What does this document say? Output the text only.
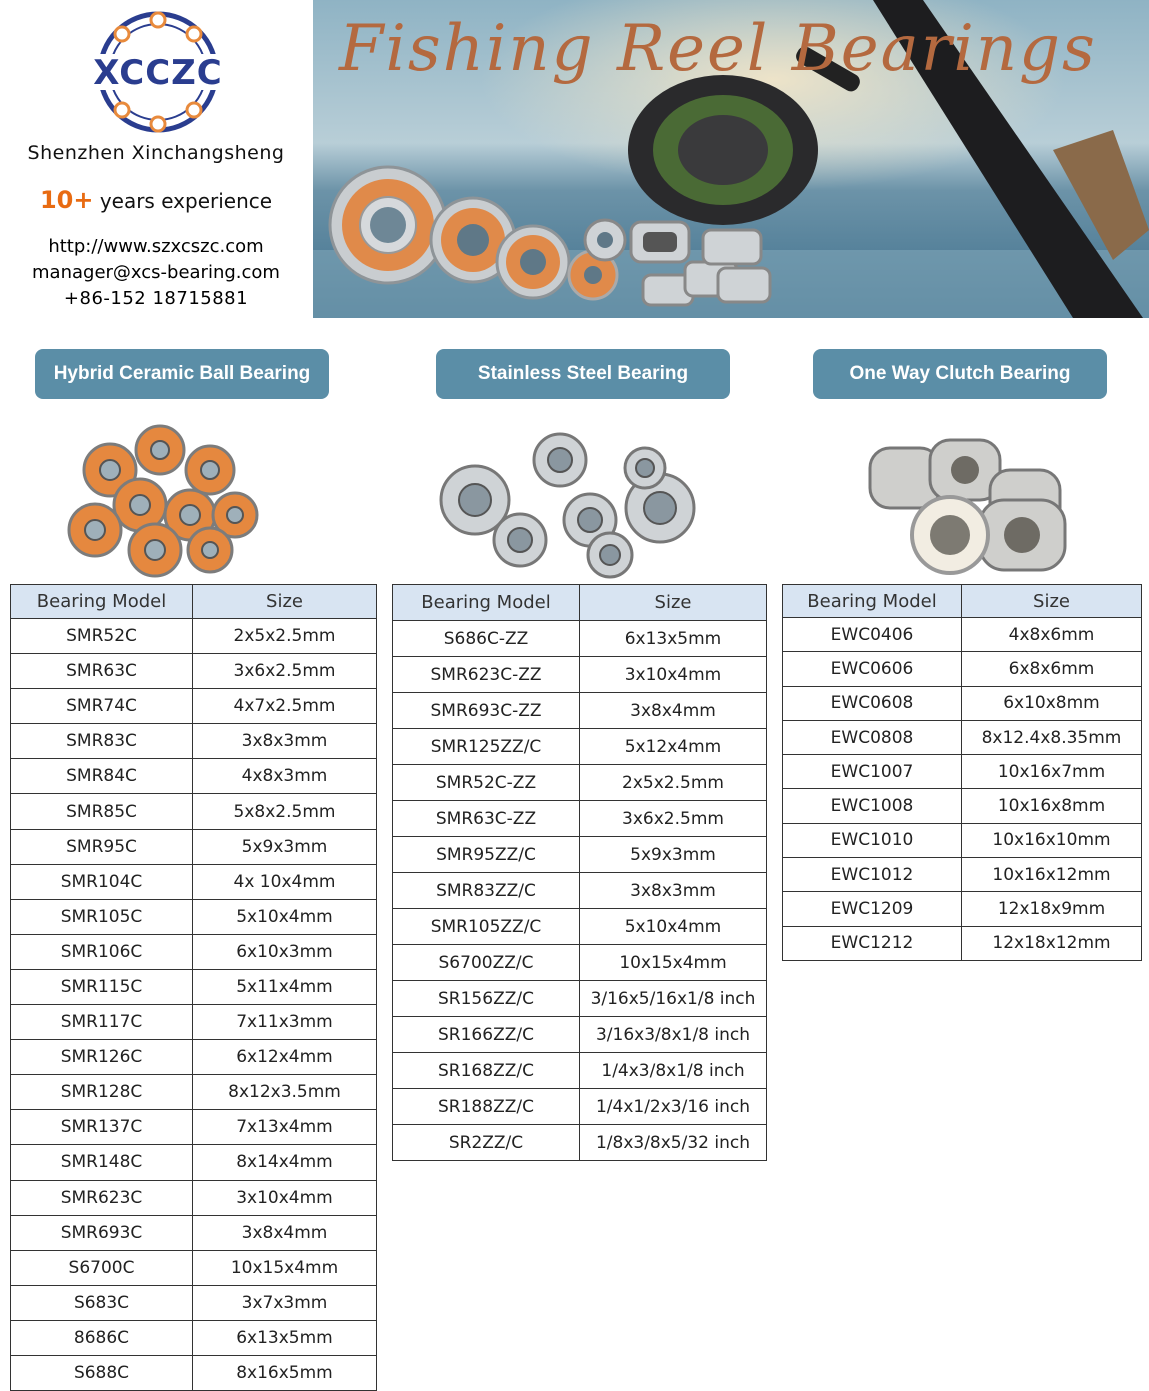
XCCZC
Shenzhen Xinchangsheng
10+ years experience
http://www.szxcszc.com
manager@xcs-bearing.com
+86-152 18715881
Fishing Reel Bearings
Hybrid Ceramic Ball Bearing	Stainless Steel Bearing	One Way Clutch Bearing
Bearing Model	Size
SMR52C	2x5x2.5mm
SMR63C	3x6x2.5mm
SMR74C	4x7x2.5mm
SMR83C	3x8x3mm
SMR84C	4x8x3mm
SMR85C	5x8x2.5mm
SMR95C	5x9x3mm
SMR104C	4x 10x4mm
SMR105C	5x10x4mm
SMR106C	6x10x3mm
SMR115C	5x11x4mm
SMR117C	7x11x3mm
SMR126C	6x12x4mm
SMR128C	8x12x3.5mm
SMR137C	7x13x4mm
SMR148C	8x14x4mm
SMR623C	3x10x4mm
SMR693C	3x8x4mm
S6700C	10x15x4mm
S683C	3x7x3mm
8686C	6x13x5mm
S688C	8x16x5mm
Bearing Model	Size
S686C-ZZ	6x13x5mm
SMR623C-ZZ	3x10x4mm
SMR693C-ZZ	3x8x4mm
SMR125ZZ/C	5x12x4mm
SMR52C-ZZ	2x5x2.5mm
SMR63C-ZZ	3x6x2.5mm
SMR95ZZ/C	5x9x3mm
SMR83ZZ/C	3x8x3mm
SMR105ZZ/C	5x10x4mm
S6700ZZ/C	10x15x4mm
SR156ZZ/C	3/16x5/16x1/8 inch
SR166ZZ/C	3/16x3/8x1/8 inch
SR168ZZ/C	1/4x3/8x1/8 inch
SR188ZZ/C	1/4x1/2x3/16 inch
SR2ZZ/C	1/8x3/8x5/32 inch
Bearing Model	Size
EWC0406	4x8x6mm
EWC0606	6x8x6mm
EWC0608	6x10x8mm
EWC0808	8x12.4x8.35mm
EWC1007	10x16x7mm
EWC1008	10x16x8mm
EWC1010	10x16x10mm
EWC1012	10x16x12mm
EWC1209	12x18x9mm
EWC1212	12x18x12mm
